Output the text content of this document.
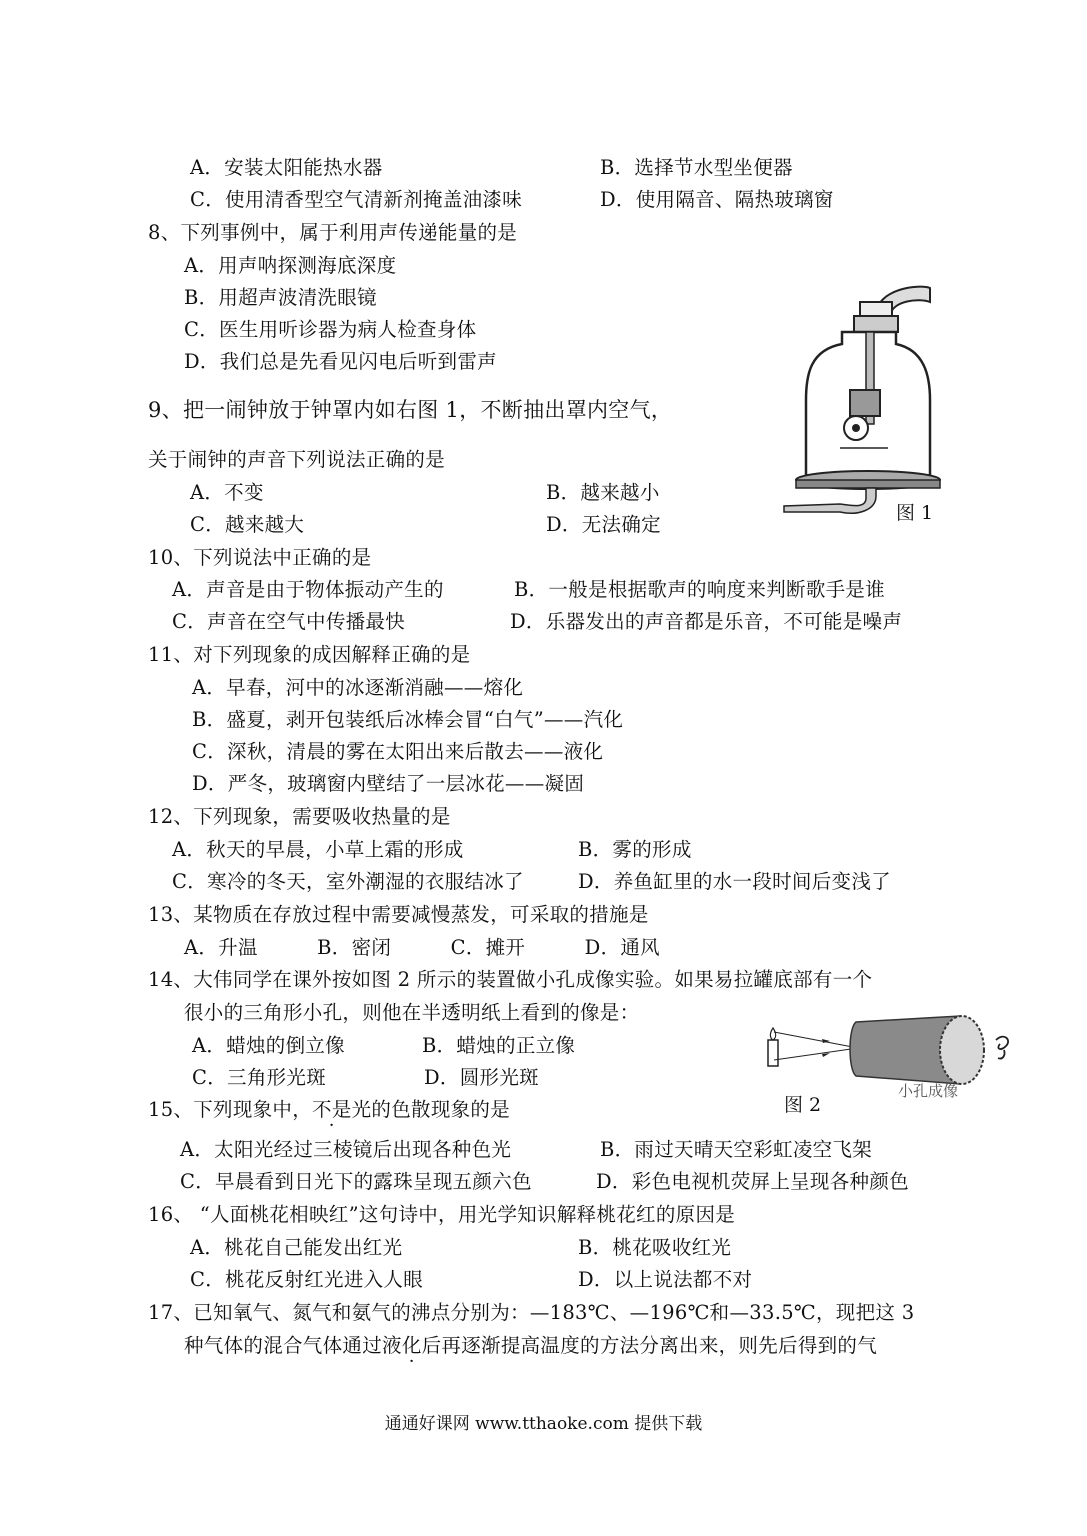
A．安装太阳能热水器	B．选择节水型坐便器
C．使用清香型空气清新剂掩盖油漆味	D．使用隔音、隔热玻璃窗
8、下列事例中，属于利用声传递能量的是
A．用声呐探测海底深度
B．用超声波清洗眼镜
C．医生用听诊器为病人检查身体
D．我们总是先看见闪电后听到雷声
图 1
9、把一闹钟放于钟罩内如右图 1，不断抽出罩内空气，
关于闹钟的声音下列说法正确的是
A．不变	B．越来越小
C．越来越大	D．无法确定
10、下列说法中正确的是
A．声音是由于物体振动产生的	B．一般是根据歌声的响度来判断歌手是谁
C．声音在空气中传播最快	D．乐器发出的声音都是乐音，不可能是噪声
11、对下列现象的成因解释正确的是
A．早春，河中的冰逐渐消融——熔化
B．盛夏，剥开包装纸后冰棒会冒“白气”——汽化
C．深秋，清晨的雾在太阳出来后散去——液化
D．严冬，玻璃窗内壁结了一层冰花——凝固
12、下列现象，需要吸收热量的是
A．秋天的早晨，小草上霜的形成	B．雾的形成
C．寒冷的冬天，室外潮湿的衣服结冰了	D．养鱼缸里的水一段时间后变浅了
13、某物质在存放过程中需要减慢蒸发，可采取的措施是
A．升温　　　B．密闭　　　C．摊开　　　D．通风
14、大伟同学在课外按如图 2 所示的装置做小孔成像实验。如果易拉罐底部有一个
很小的三角形小孔，则他在半透明纸上看到的像是：
A．蜡烛的倒立像	B．蜡烛的正立像
C．三角形光斑	D．圆形光斑
小孔成像
图 2
15、下列现象中，不是光的色散现象的是
A．太阳光经过三棱镜后出现各种色光	B．雨过天晴天空彩虹凌空飞架
C．早晨看到日光下的露珠呈现五颜六色	D．彩色电视机荧屏上呈现各种颜色
16、 “人面桃花相映红”这句诗中，用光学知识解释桃花红的原因是
A．桃花自己能发出红光	B．桃花吸收红光
C．桃花反射红光进入人眼	D．以上说法都不对
17、已知氧气、氮气和氨气的沸点分别为：—183℃、—196℃和—33.5℃，现把这 3
种气体的混合气体通过液化后再逐渐提高温度的方法分离出来，则先后得到的气
通通好课网 www.tthaoke.com 提供下载
